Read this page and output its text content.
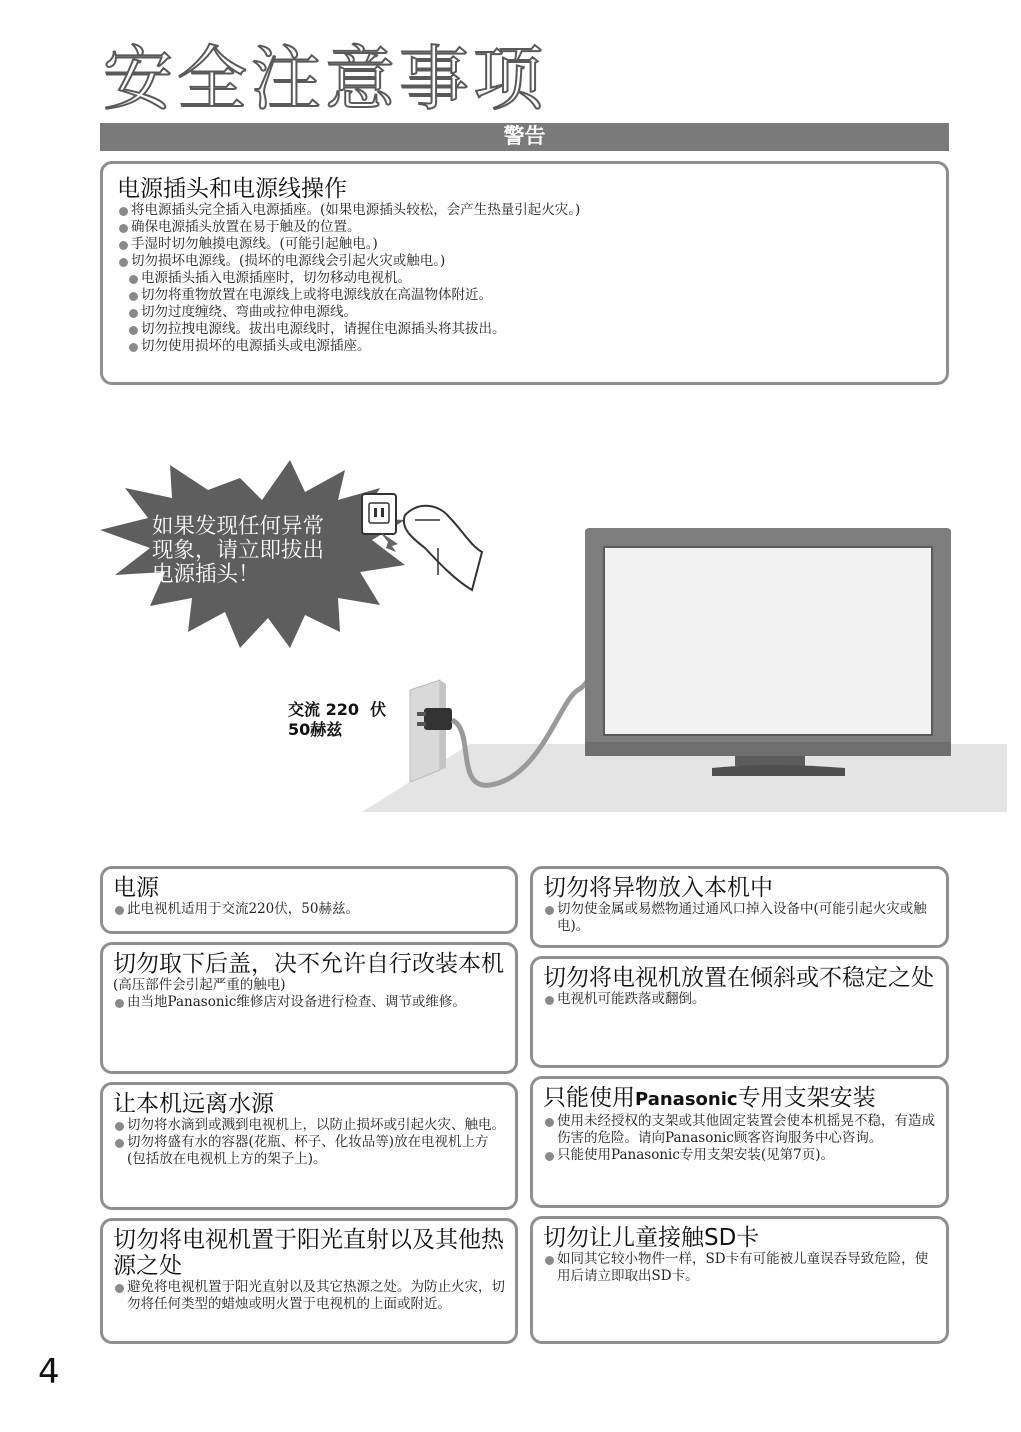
安全注意事项
警告
电源插头和电源线操作
将电源插头完全插入电源插座。(如果电源插头较松，会产生热量引起火灾。)
确保电源插头放置在易于触及的位置。
手湿时切勿触摸电源线。(可能引起触电。)
切勿损坏电源线。(损坏的电源线会引起火灾或触电。)
电源插头插入电源插座时，切勿移动电视机。
切勿将重物放置在电源线上或将电源线放在高温物体附近。
切勿过度缠绕、弯曲或拉伸电源线。
切勿拉拽电源线。拔出电源线时，请握住电源插头将其拔出。
切勿使用损坏的电源插头或电源插座。
如果发现任何异常
现象，请立即拔出
电源插头！
交流 220  伏
50赫兹
电源
此电视机适用于交流220伏，50赫兹。
切勿取下后盖，决不允许自行改装本机
(高压部件会引起严重的触电)
由当地Panasonic维修店对设备进行检查、调节或维修。
让本机远离水源
切勿将水滴到或溅到电视机上，以防止损坏或引起火灾、触电。
切勿将盛有水的容器(花瓶、杯子、化妆品等)放在电视机上方(包括放在电视机上方的架子上)。
切勿将电视机置于阳光直射以及其他热源之处
避免将电视机置于阳光直射以及其它热源之处。为防止火灾，切勿将任何类型的蜡烛或明火置于电视机的上面或附近。
切勿将异物放入本机中
切勿使金属或易燃物通过通风口掉入设备中(可能引起火灾或触电)。
切勿将电视机放置在倾斜或不稳定之处
电视机可能跌落或翻倒。
只能使用Panasonic专用支架安装
使用未经授权的支架或其他固定装置会使本机摇晃不稳，有造成伤害的危险。请向Panasonic顾客咨询服务中心咨询。
只能使用Panasonic专用支架安装(见第7页)。
切勿让儿童接触SD卡
如同其它较小物件一样，SD卡有可能被儿童误吞导致危险，使用后请立即取出SD卡。
4
